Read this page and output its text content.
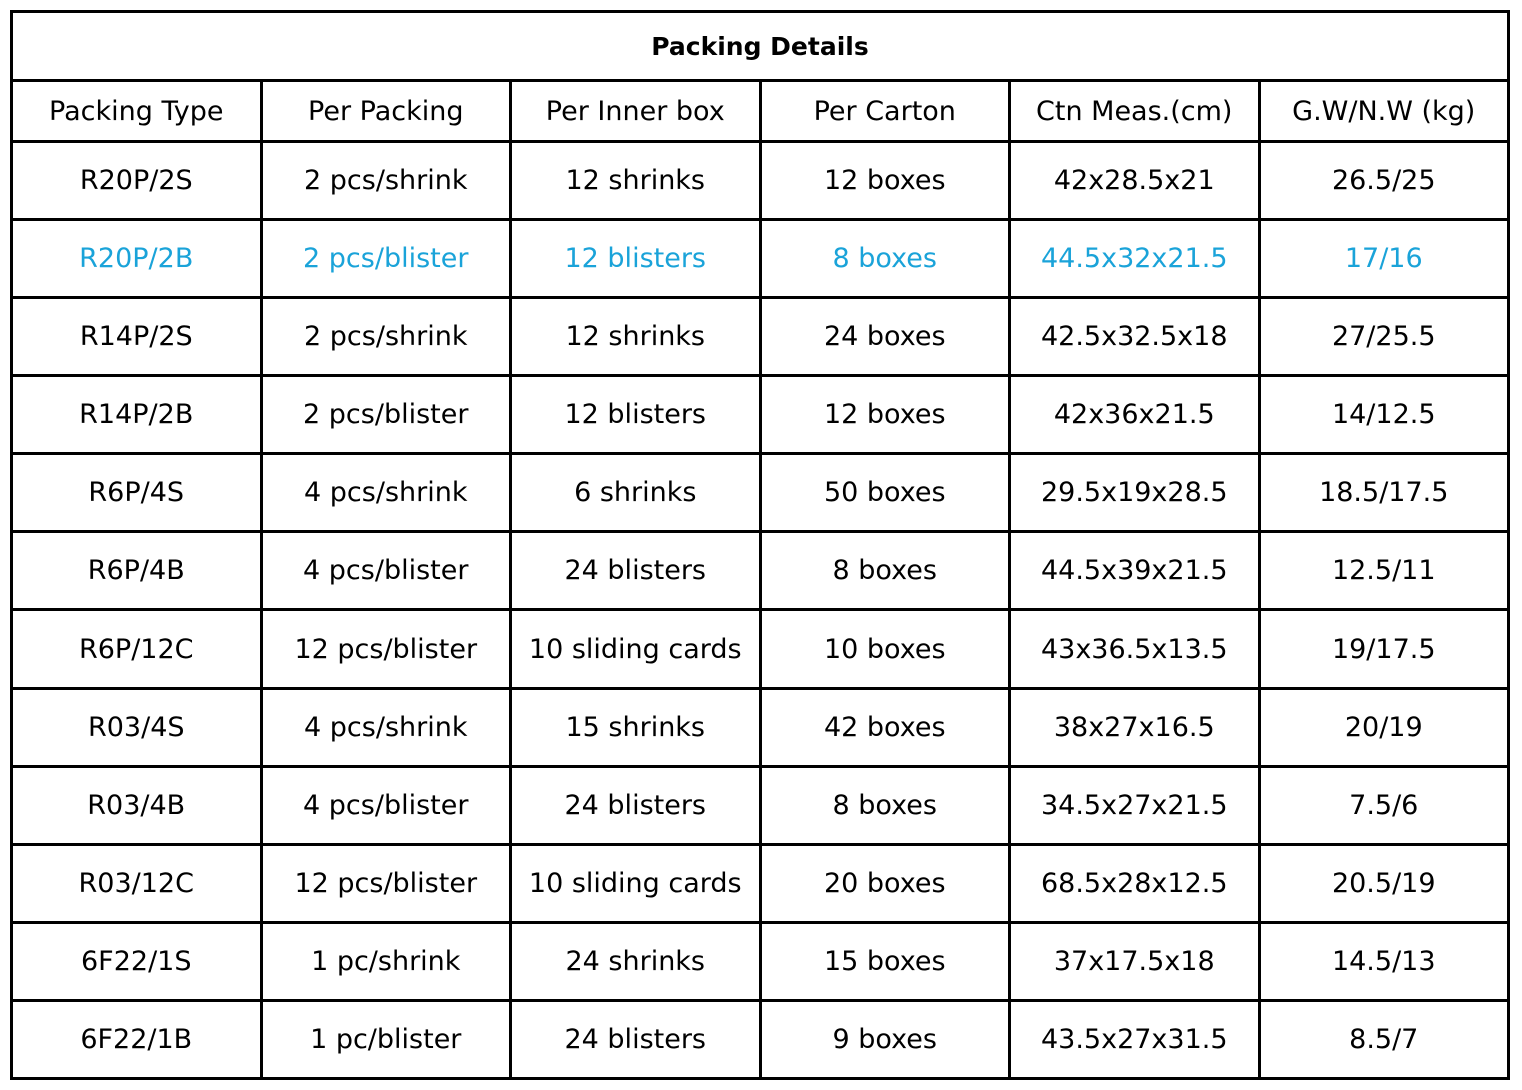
Packing Details					
Packing Type	Per Packing	Per Inner box	Per Carton	Ctn Meas.(cm)	G.W/N.W (kg)
R20P/2S	2 pcs/shrink	12 shrinks	12 boxes	42x28.5x21	26.5/25
R20P/2B	2 pcs/blister	12 blisters	8 boxes	44.5x32x21.5	17/16
R14P/2S	2 pcs/shrink	12 shrinks	24 boxes	42.5x32.5x18	27/25.5
R14P/2B	2 pcs/blister	12 blisters	12 boxes	42x36x21.5	14/12.5
R6P/4S	4 pcs/shrink	6 shrinks	50 boxes	29.5x19x28.5	18.5/17.5
R6P/4B	4 pcs/blister	24 blisters	8 boxes	44.5x39x21.5	12.5/11
R6P/12C	12 pcs/blister	10 sliding cards	10 boxes	43x36.5x13.5	19/17.5
R03/4S	4 pcs/shrink	15 shrinks	42 boxes	38x27x16.5	20/19
R03/4B	4 pcs/blister	24 blisters	8 boxes	34.5x27x21.5	7.5/6
R03/12C	12 pcs/blister	10 sliding cards	20 boxes	68.5x28x12.5	20.5/19
6F22/1S	1 pc/shrink	24 shrinks	15 boxes	37x17.5x18	14.5/13
6F22/1B	1 pc/blister	24 blisters	9 boxes	43.5x27x31.5	8.5/7
